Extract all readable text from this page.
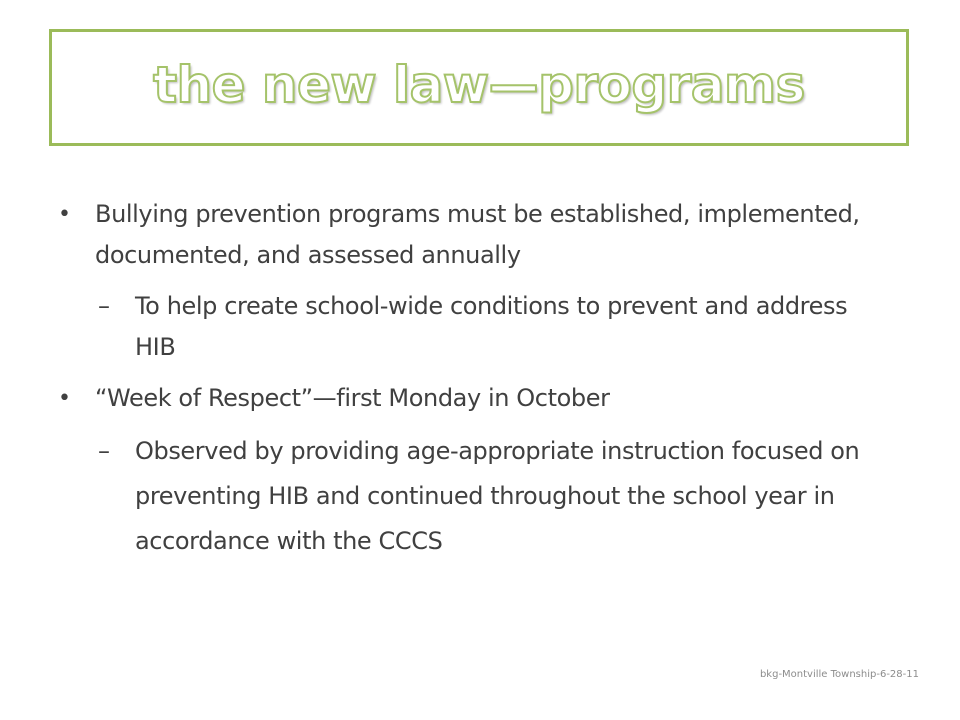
the new law—programs
• Bullying prevention programs must be established, implemented, documented, and assessed annually
– To help create school-wide conditions to prevent and address HIB
• “Week of Respect”—first Monday in October
– Observed by providing age-appropriate instruction focused on preventing HIB and continued throughout the school year in accordance with the CCCS
bkg-Montville Township-6-28-11
